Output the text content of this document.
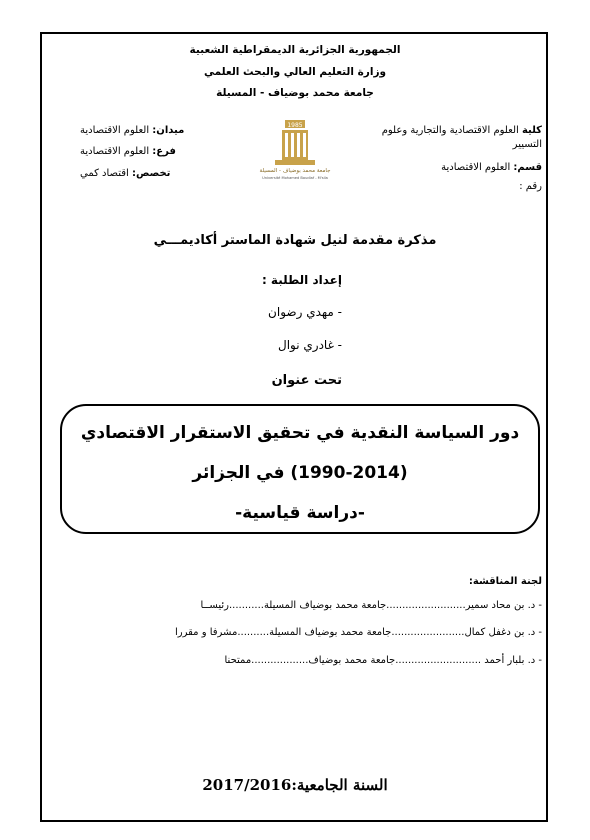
الجمهورية الجزائرية الديمقراطية الشعبية
وزارة التعليم العالي والبحث العلمي
جامعة محمد بوضياف - المسيلة
كلية العلوم الاقتصادية والتجارية وعلوم
التسيير
قسم: العلوم الاقتصادية
رقم :
ميدان: العلوم الاقتصادية
فرع: العلوم الاقتصادية
تخصص: اقتصاد كمي
1985
جامعة محمد بوضياف - المسيلة
Université Mohamed Boudiaf - M'sila
مذكرة مقدمة لنيل شهادة الماستر أكاديمـــي
إعداد الطلبة :
- مهدي رضوان
- غادري نوال
تحت عنوان
دور السياسة النقدية في تحقيق الاستقرار الاقتصادي
(1990-2014) في الجزائر
-دراسة قياسية-
لجنة المناقشة:
- د. بن محاد سمير.........................جامعة محمد بوضياف المسيلة...........رئيســا
- د. بن دغفل كمال.......................جامعة محمد بوضياف المسيلة..........مشرفا و مقررا
- د. بلبار أحمد ...........................جامعة محمد بوضياف..................ممتحنا
السنة الجامعية:2017/2016
